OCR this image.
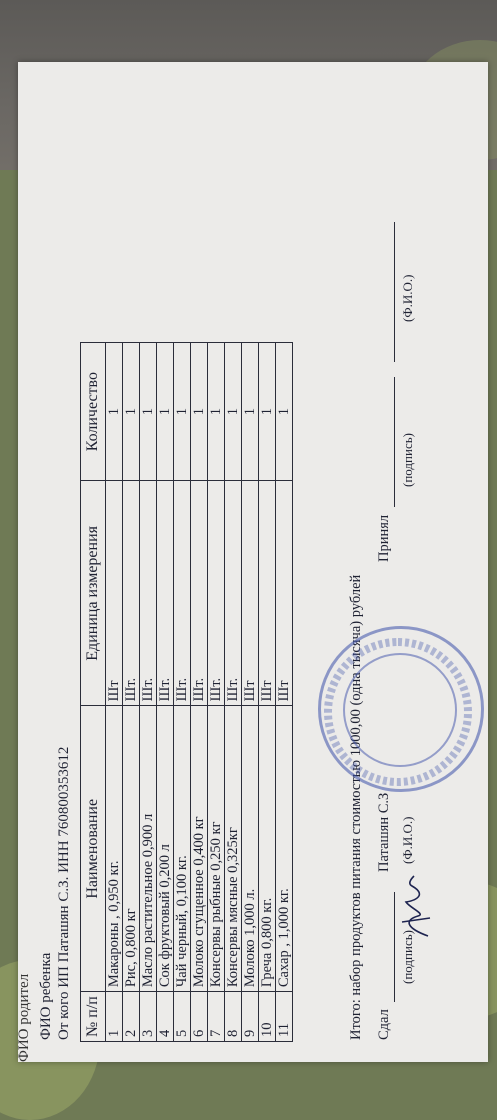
ФИО родител ФИО ребенка От кого ИП Паташян С.З. ИНН 760800353612 № п/п	Наименование	Единица измерения	Количество
1	Макароны , 0,950 кг.	Шт	1
2	Рис, 0,800 кг	Шт.	1
3	Масло растительное 0,900 л	Шт.	1
4	Сок фруктовый 0,200 л	Шт.	1
5	Чай черный, 0,100 кг.	Шт.	1
6	Молоко сгущенное 0,400 кг	Шт.	1
7	Консервы рыбные 0,250 кг	Шт.	1
8	Консервы мясные 0,325кг	Шт.	1
9	Молоко 1,000 л.	Шт	1
10	Греча 0,800 кг.	Шт	1
11	Сахар , 1,000 кг.	Шт	1
Итого: набор продуктов питания стоимостью 1000,00 (одна тысяча) рублей Сдал
(подпись)
Паташян С.З (Ф.И.О.)
Принял
(подпись)
(Ф.И.О.)
